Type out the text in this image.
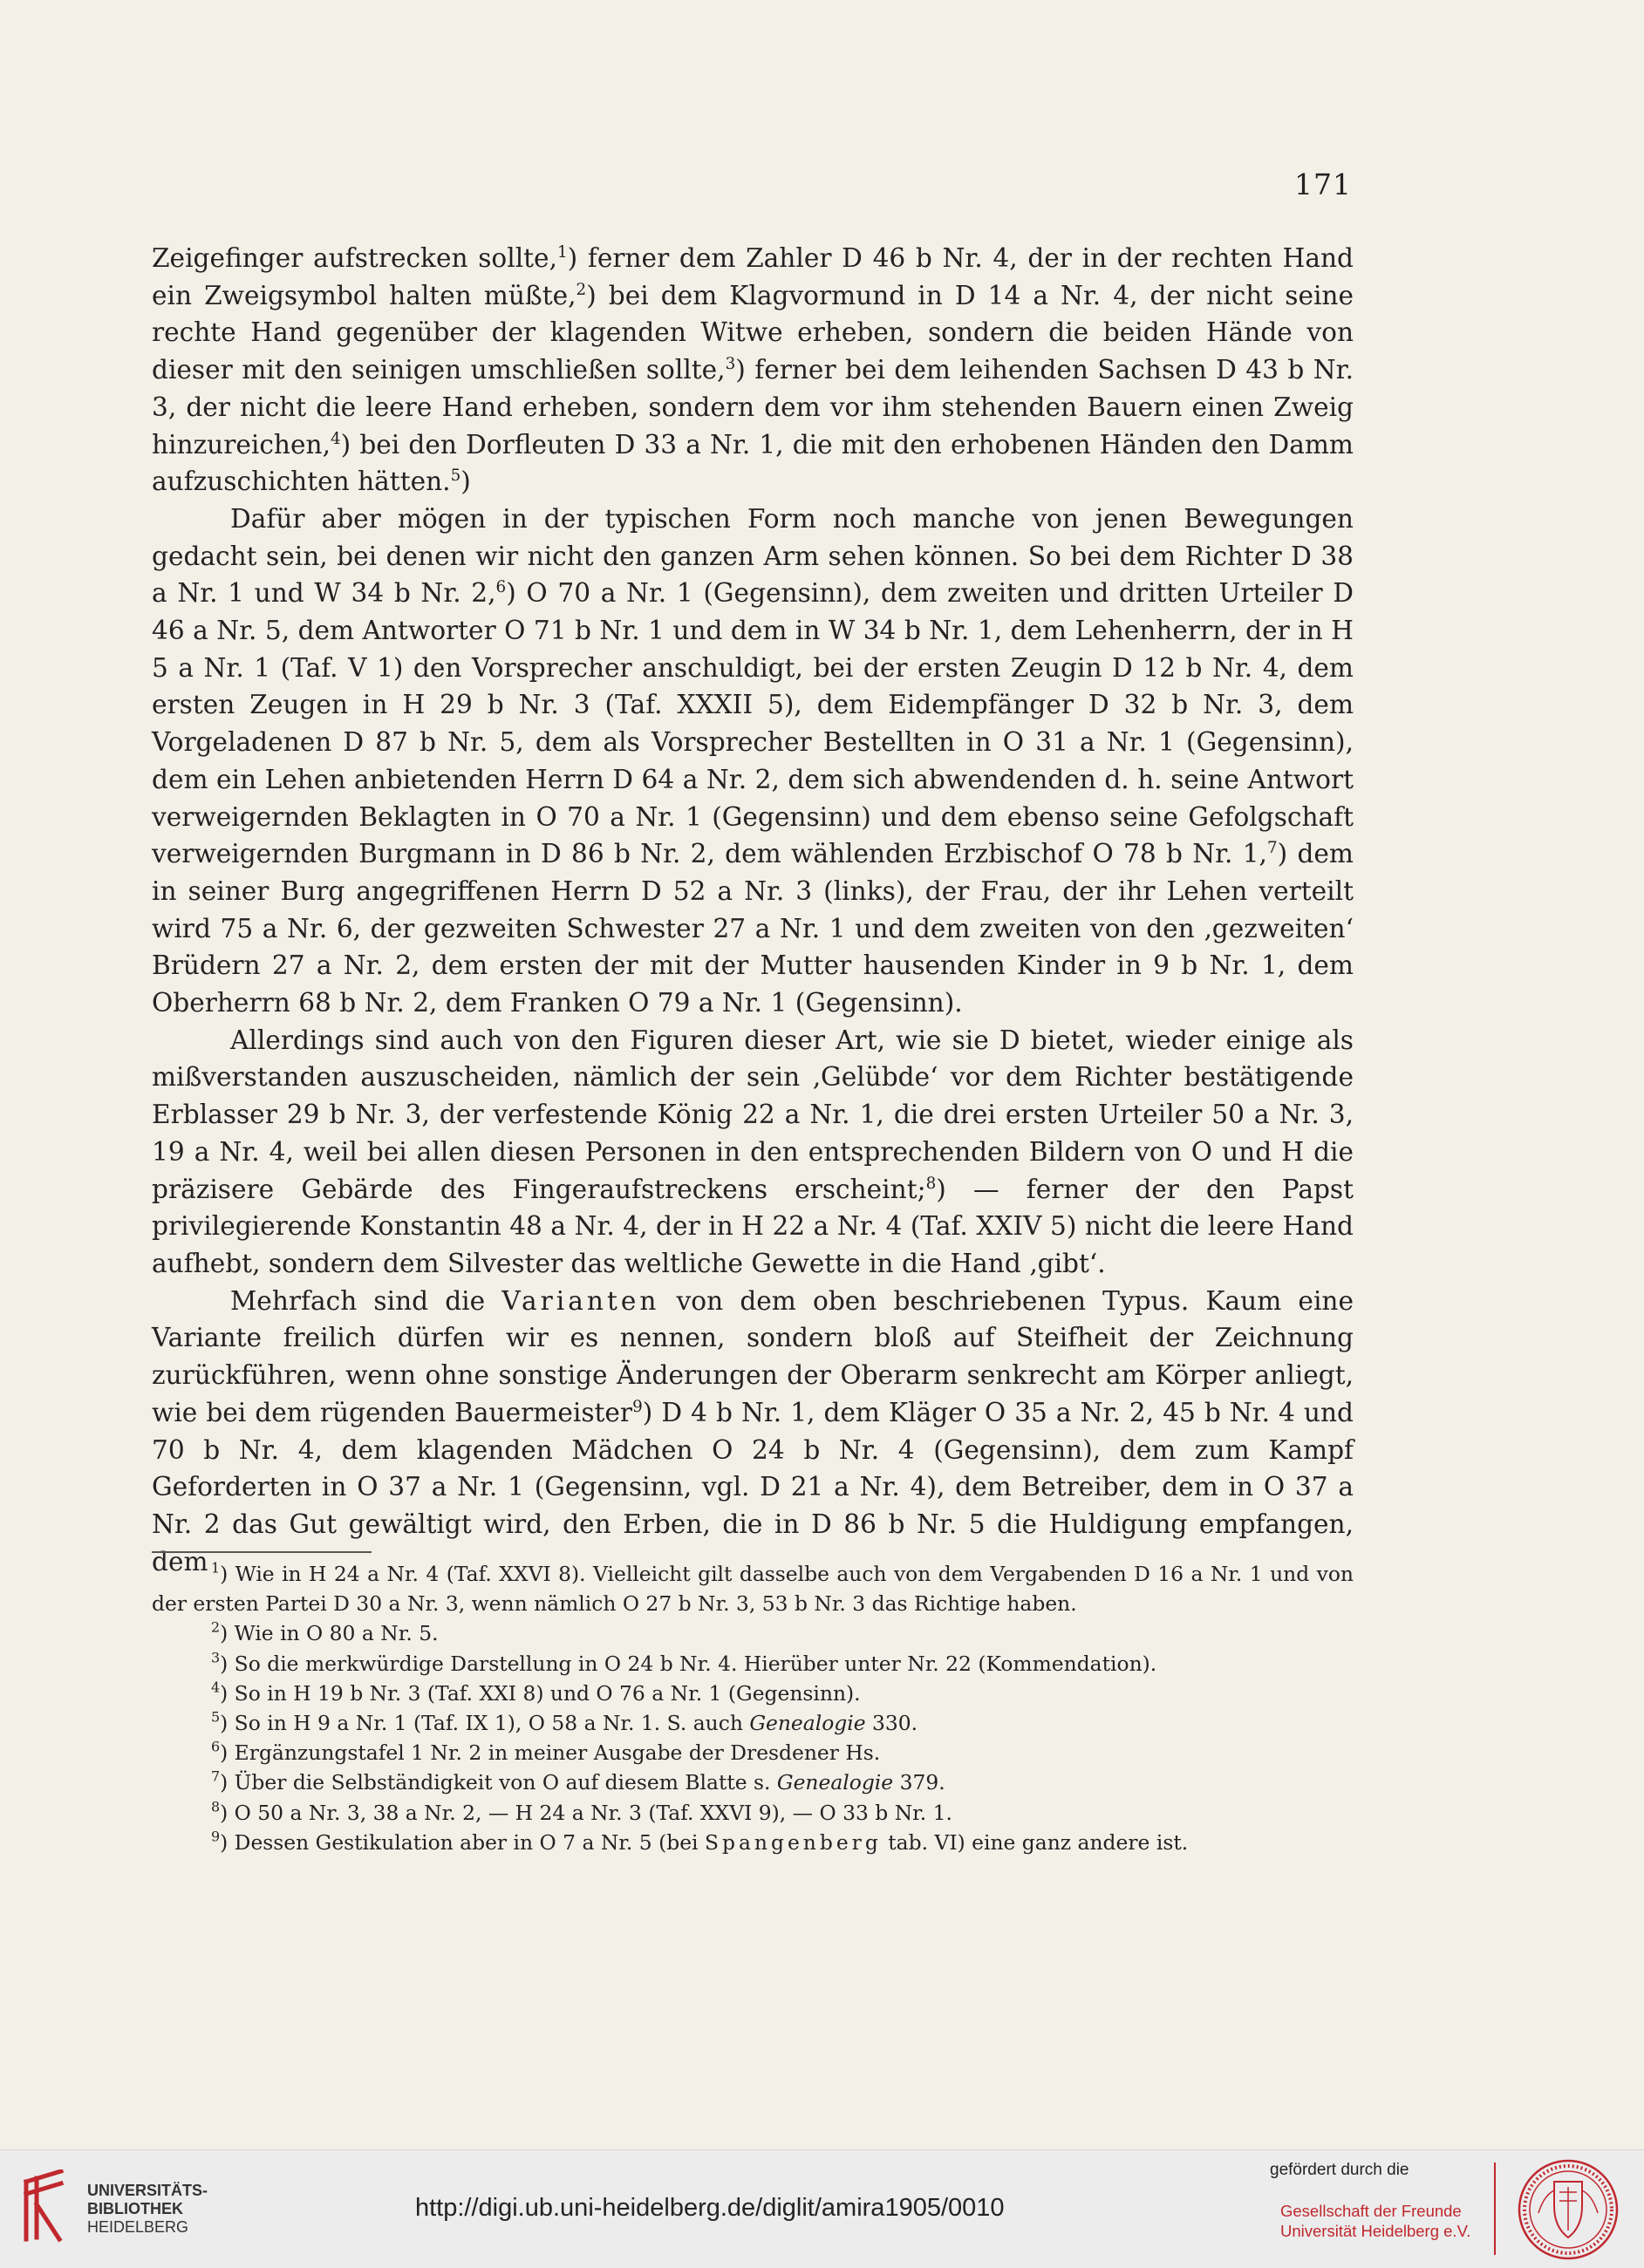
171

Zeigefinger aufstrecken sollte,$^1$) ferner dem Zahler D 46 b Nr. 4, der in der rechten Hand ein Zweigsymbol halten müßte,$^2$) bei dem Klagvormund in D 14 a Nr. 4, der nicht seine rechte Hand gegenüber der klagenden Witwe erheben, sondern die beiden Hände von dieser mit den seinigen umschließen sollte,$^3$) ferner bei dem leihenden Sachsen D 43 b Nr. 3, der nicht die leere Hand erheben, sondern dem vor ihm stehenden Bauern einen Zweig hinzureichen,$^4$) bei den Dorfleuten D 33 a Nr. 1, die mit den erhobenen Händen den Damm aufzuschichten hätten.$^5$)

Dafür aber mögen in der typischen Form noch manche von jenen Bewegungen gedacht sein, bei denen wir nicht den ganzen Arm sehen können. So bei dem Richter D 38 a Nr. 1 und W 34 b Nr. 2,$^6$) O 70 a Nr. 1 (Gegensinn), dem zweiten und dritten Urteiler D 46 a Nr. 5, dem Antworter O 71 b Nr. 1 und dem in W 34 b Nr. 1, dem Lehenherrn, der in H 5 a Nr. 1 (Taf. V 1) den Vorsprecher anschuldigt, bei der ersten Zeugin D 12 b Nr. 4, dem ersten Zeugen in H 29 b Nr. 3 (Taf. XXXII 5), dem Eidempfänger D 32 b Nr. 3, dem Vorgeladenen D 87 b Nr. 5, dem als Vorsprecher Bestellten in O 31 a Nr. 1 (Gegensinn), dem ein Lehen anbietenden Herrn D 64 a Nr. 2, dem sich abwendenden d. h. seine Antwort verweigernden Beklagten in O 70 a Nr. 1 (Gegensinn) und dem ebenso seine Gefolgschaft verweigernden Burgmann in D 86 b Nr. 2, dem wählenden Erzbischof O 78 b Nr. 1,$^7$) dem in seiner Burg angegriffenen Herrn D 52 a Nr. 3 (links), der Frau, der ihr Lehen verteilt wird 75 a Nr. 6, der gezweiten Schwester 27 a Nr. 1 und dem zweiten von den ‚gezweiten‘ Brüdern 27 a Nr. 2, dem ersten der mit der Mutter hausenden Kinder in 9 b Nr. 1, dem Oberherrn 68 b Nr. 2, dem Franken O 79 a Nr. 1 (Gegensinn).

Allerdings sind auch von den Figuren dieser Art, wie sie D bietet, wieder einige als mißverstanden auszuscheiden, nämlich der sein ‚Gelübde‘ vor dem Richter bestätigende Erblasser 29 b Nr. 3, der verfestende König 22 a Nr. 1, die drei ersten Urteiler 50 a Nr. 3, 19 a Nr. 4, weil bei allen diesen Personen in den entsprechenden Bildern von O und H die präzisere Gebärde des Fingeraufstreckens erscheint;$^8$) — ferner der den Papst privilegierende Konstantin 48 a Nr. 4, der in H 22 a Nr. 4 (Taf. XXIV 5) nicht die leere Hand aufhebt, sondern dem Silvester das weltliche Gewette in die Hand ‚gibt‘.

Mehrfach sind die Varianten von dem oben beschriebenen Typus. Kaum eine Variante freilich dürfen wir es nennen, sondern bloß auf Steifheit der Zeichnung zurückführen, wenn ohne sonstige Änderungen der Oberarm senkrecht am Körper anliegt, wie bei dem rügenden Bauermeister$^9$) D 4 b Nr. 1, dem Kläger O 35 a Nr. 2, 45 b Nr. 4 und 70 b Nr. 4, dem klagenden Mädchen O 24 b Nr. 4 (Gegensinn), dem zum Kampf Geforderten in O 37 a Nr. 1 (Gegensinn, vgl. D 21 a Nr. 4), dem Betreiber, dem in O 37 a Nr. 2 das Gut gewältigt wird, den Erben, die in D 86 b Nr. 5 die Huldigung empfangen, dem $^1$) Wie in H 24 a Nr. 4 (Taf. XXVI 8). Vielleicht gilt dasselbe auch von dem Vergabenden D 16 a Nr. 1 und von der ersten Partei D 30 a Nr. 3, wenn nämlich O 27 b Nr. 3, 53 b Nr. 3 das Richtige haben.

$^2$) Wie in O 80 a Nr. 5.

$^3$) So die merkwürdige Darstellung in O 24 b Nr. 4. Hierüber unter Nr. 22 (Kommendation).

$^4$) So in H 19 b Nr. 3 (Taf. XXI 8) und O 76 a Nr. 1 (Gegensinn).

$^5$) So in H 9 a Nr. 1 (Taf. IX 1), O 58 a Nr. 1. S. auch Genealogie 330.

$^6$) Ergänzungstafel 1 Nr. 2 in meiner Ausgabe der Dresdener Hs.

$^7$) Über die Selbständigkeit von O auf diesem Blatte s. Genealogie 379.

$^8$) O 50 a Nr. 3, 38 a Nr. 2, — H 24 a Nr. 3 (Taf. XXVI 9), — O 33 b Nr. 1.

$^9$) Dessen Gestikulation aber in O 7 a Nr. 5 (bei Spangenberg tab. VI) eine ganz andere ist.

UNIVERSITÄTS-
BIBLIOTHEK
HEIDELBERG
http://digi.ub.uni-heidelberg.de/diglit/amira1905/0010
gefördert durch die
Gesellschaft der Freunde
Universität Heidelberg e.V.
